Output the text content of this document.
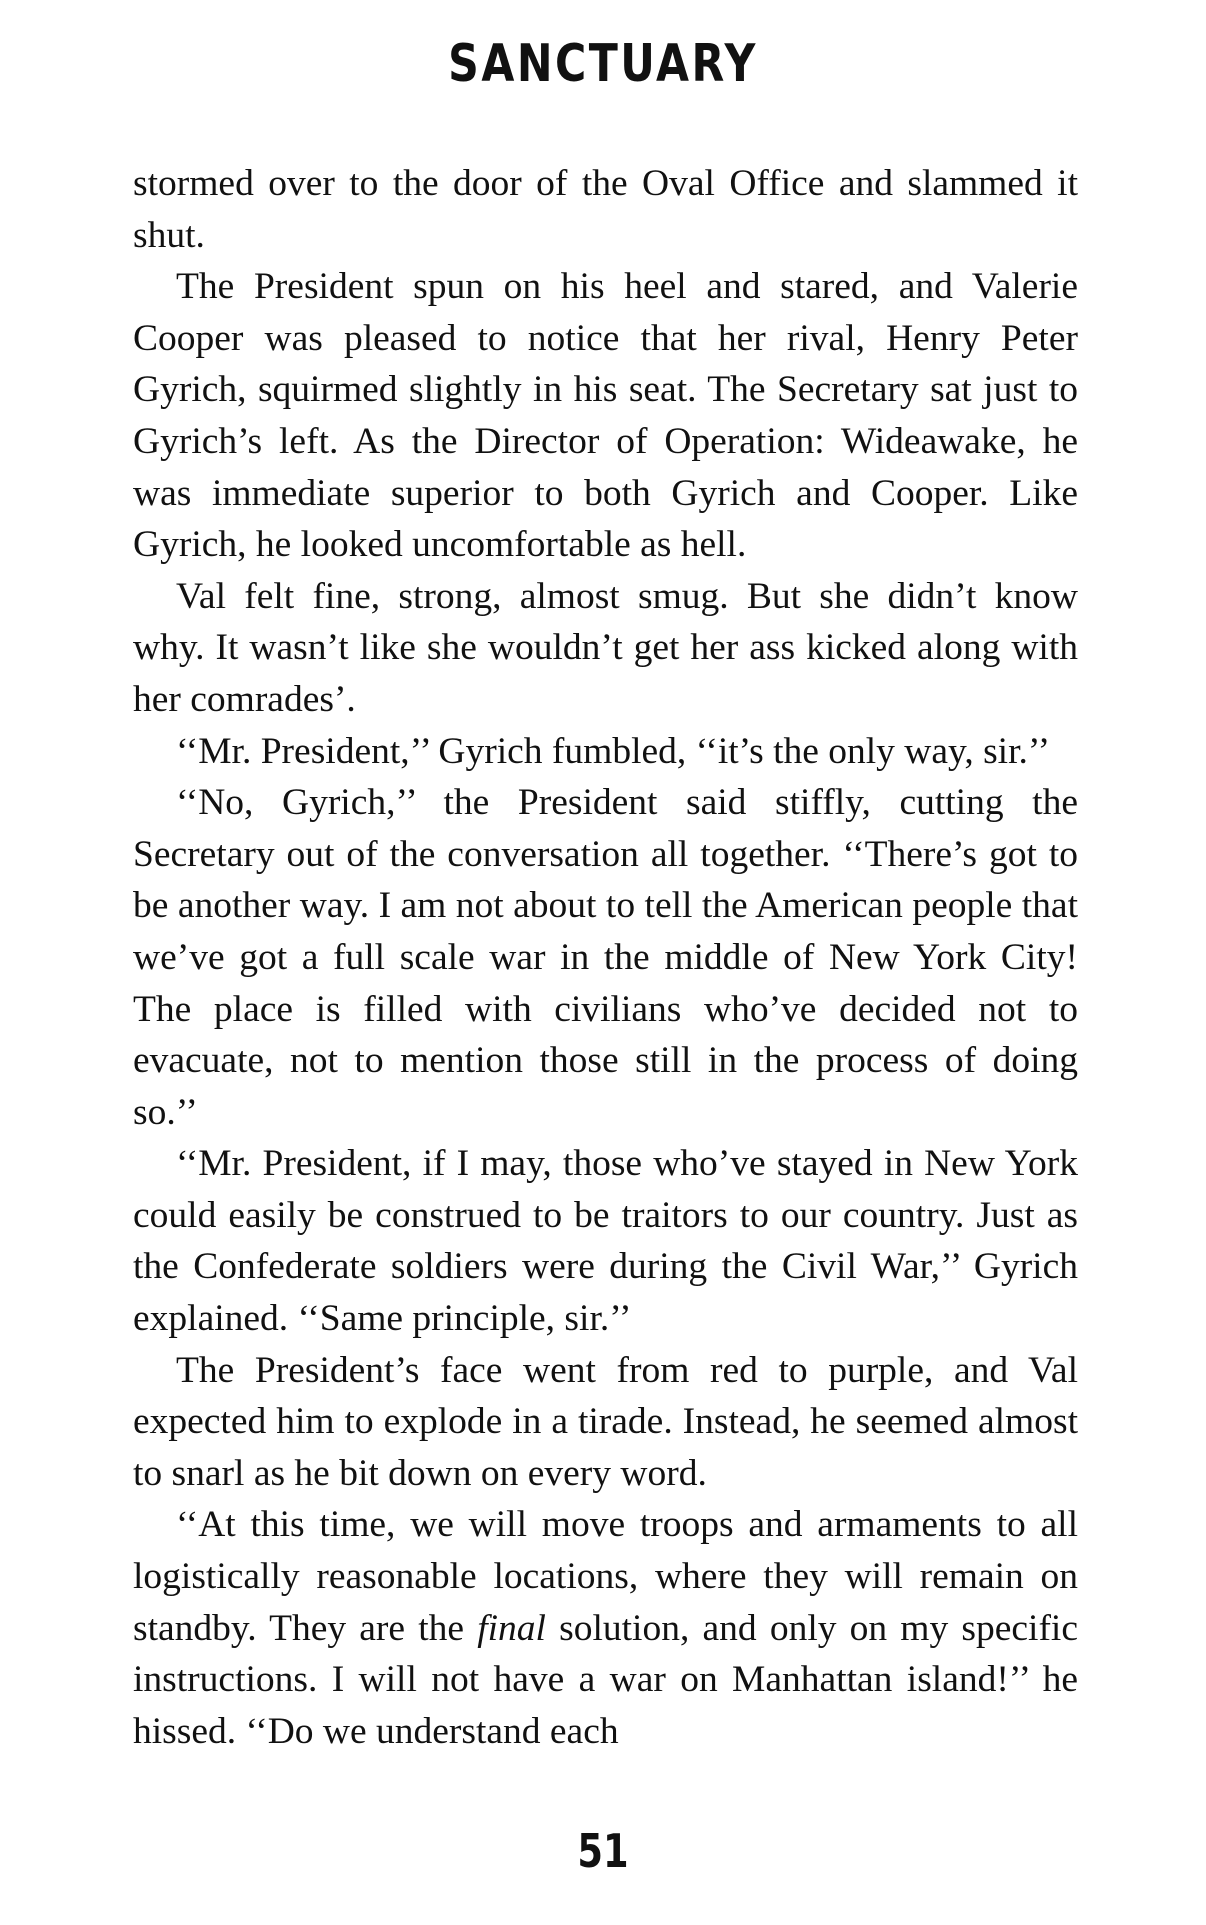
SANCTUARY

stormed over to the door of the Oval Office and slammed it shut.

The President spun on his heel and stared, and Valerie Cooper was pleased to notice that her rival, Henry Peter Gyrich, squirmed slightly in his seat. The Secretary sat just to Gyrich’s left. As the Director of Operation: Wideawake, he was immediate superior to both Gyrich and Cooper. Like Gyrich, he looked uncomfortable as hell.

Val felt fine, strong, almost smug. But she didn’t know why. It wasn’t like she wouldn’t get her ass kicked along with her comrades’.

‘‘Mr. President,’’ Gyrich fumbled, ‘‘it’s the only way, sir.’’

‘‘No, Gyrich,’’ the President said stiffly, cutting the Secretary out of the conversation all together. ‘‘There’s got to be another way. I am not about to tell the American people that we’ve got a full scale war in the middle of New York City! The place is filled with civilians who’ve decided not to evacuate, not to mention those still in the process of doing so.’’

‘‘Mr. President, if I may, those who’ve stayed in New York could easily be construed to be traitors to our country. Just as the Confederate soldiers were during the Civil War,’’ Gyrich explained. ‘‘Same principle, sir.’’

The President’s face went from red to purple, and Val expected him to explode in a tirade. Instead, he seemed almost to snarl as he bit down on every word.

‘‘At this time, we will move troops and armaments to all logistically reasonable locations, where they will remain on standby. They are the final solution, and only on my specific instructions. I will not have a war on Manhattan island!’’ he hissed. ‘‘Do we understand each

51
